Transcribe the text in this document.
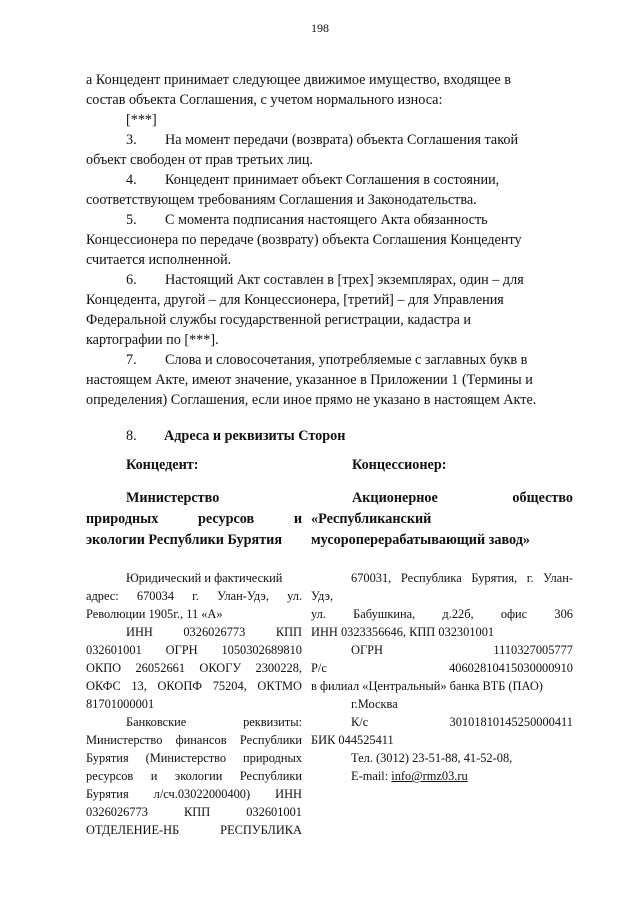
198

а Концедент принимает следующее движимое имущество, входящее в

состав объекта Соглашения, с учетом нормального износа:

[***]

3. На момент передачи (возврата) объекта Соглашения такой

объект свободен от прав третьих лиц.

4. Концедент принимает объект Соглашения в состоянии,

соответствующем требованиям Соглашения и Законодательства.

5. С момента подписания настоящего Акта обязанность

Концессионера по передаче (возврату) объекта Соглашения Концеденту

считается исполненной.

6. Настоящий Акт составлен в [трех] экземплярах, один – для

Концедента, другой – для Концессионера, [третий] – для Управления

Федеральной службы государственной регистрации, кадастра и

картографии по [***].

7. Слова и словосочетания, употребляемые с заглавных букв в

настоящем Акте, имеют значение, указанное в Приложении 1 (Термины и

определения) Соглашения, если иное прямо не указано в настоящем Акте.

8. Адреса и реквизиты Сторон
Концедент:	Концессионер:
Министерство
природных ресурсов и
экологии Республики Бурятия
Акционерное общество
«Республиканский
мусороперерабатывающий завод»
Юридический и фактический
адрес: 670034 г. Улан-Удэ, ул.
Революции 1905г., 11 «А»
ИНН 0326026773 КПП
032601001 ОГРН 1050302689810
ОКПО 26052661 ОКОГУ 2300228,
ОКФС 13, ОКОПФ 75204, ОКТМО
81701000001
Банковские реквизиты:
Министерство финансов Республики
Бурятия (Министерство природных
ресурсов и экологии Республики
Бурятия л/сч.03022000400) ИНН
0326026773 КПП 032601001
ОТДЕЛЕНИЕ-НБ РЕСПУБЛИКА
670031, Республика Бурятия, г. Улан-
Удэ,
ул. Бабушкина, д.22б, офис 306
ИНН 0323356646, КПП 032301001
ОГРН 1110327005777
Р/с 40602810415030000910
в филиал «Центральный» банка ВТБ (ПАО)
г.Москва
К/с 30101810145250000411
БИК 044525411
Тел. (3012) 23-51-88, 41-52-08,
E-mail: info@rmz03.ru
